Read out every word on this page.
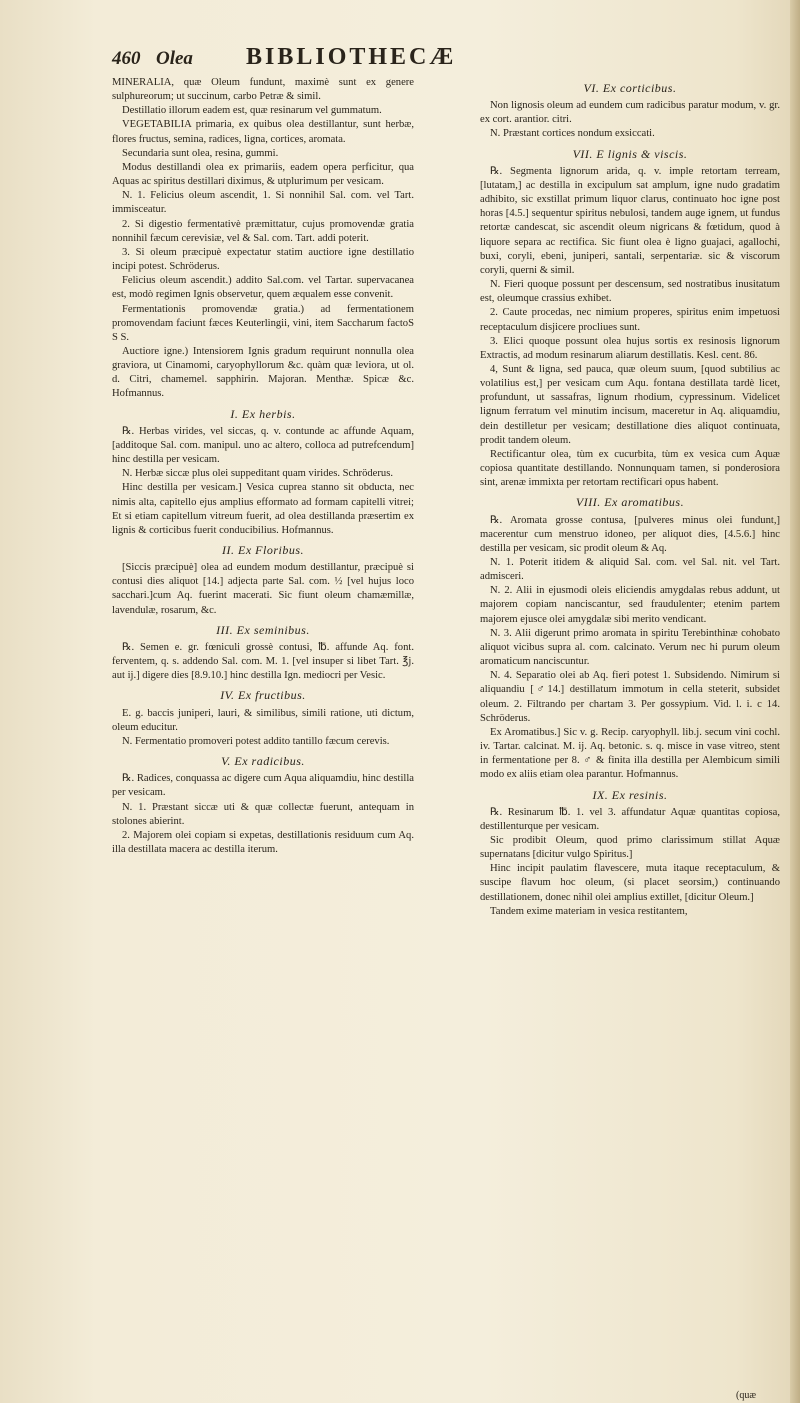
460 Olea	BIBLIOTHECÆ

MINERALIA, quæ Oleum fundunt, maximè sunt ex genere sulphureorum; ut succinum, carbo Petræ & simil.

Destillatio illorum eadem est, quæ resinarum vel gummatum.

VEGETABILIA primaria, ex quibus olea destillantur, sunt herbæ, flores fructus, semina, radices, ligna, cortices, aromata.

Secundaria sunt olea, resina, gummi.

Modus destillandi olea ex primariis, eadem opera perficitur, qua Aquas ac spiritus destillari diximus, & utplurimum per vesicam.

N. 1. Felicius oleum ascendit, 1. Si nonnihil Sal. com. vel Tart. immisceatur.

2. Si digestio fermentativè præmittatur, cujus promovendæ gratia nonnihil fæcum cerevisiæ, vel & Sal. com. Tart. addi poterit.

3. Si oleum præcipuè expectatur statim auctiore igne destillatio incipi potest. Schröderus.

Felicius oleum ascendit.) addito Sal.com. vel Tartar. supervacanea est, modò regimen Ignis observetur, quem æqualem esse convenit.

Fermentationis promovendæ gratia.) ad fermentationem promovendam faciunt fæces Keuterlingii, vini, item Saccharum factoS S S.

Auctiore igne.) Intensiorem Ignis gradum requirunt nonnulla olea graviora, ut Cinamomi, caryophyllorum &c. quàm quæ leviora, ut ol. d. Citri, chamemel. sapphirin. Majoran. Menthæ. Spicæ &c. Hofmannus.

I. Ex herbis.

℞. Herbas virides, vel siccas, q. v. contunde ac affunde Aquam, [additoque Sal. com. manipul. uno ac altero, colloca ad putrefcendum] hinc destilla per vesicam.

N. Herbæ siccæ plus olei suppeditant quam virides. Schröderus.

Hinc destilla per vesicam.] Vesica cuprea stanno sit obducta, nec nimis alta, capitello ejus amplius efformato ad formam capitelli vitrei; Et si etiam capitellum vitreum fuerit, ad olea destillanda præsertim ex lignis & corticibus fuerit conducibilius. Hofmannus.

II. Ex Floribus.

[Siccis præcipuè] olea ad eundem modum destillantur, præcipuè si contusi dies aliquot [14.] adjecta parte Sal. com. ½ [vel hujus loco sacchari.]cum Aq. fuerint macerati. Sic fiunt oleum chamæmillæ, lavendulæ, rosarum, &c.

III. Ex seminibus.

℞. Semen e. gr. fœniculi grossè contusi, ℔. affunde Aq. font. ferventem, q. s. addendo Sal. com. M. 1. [vel insuper si libet Tart. ℥j. aut ij.] digere dies [8.9.10.] hinc destilla Ign. mediocri per Vesic.

IV. Ex fructibus.

E. g. baccis juniperi, lauri, & similibus, simili ratione, uti dictum, oleum educitur.

N. Fermentatio promoveri potest addito tantillo fæcum cerevis.

V. Ex radicibus.

℞. Radices, conquassa ac digere cum Aqua aliquamdiu, hinc destilla per vesicam.

N. 1. Præstant siccæ uti & quæ collectæ fuerunt, antequam in stolones abierint.

2. Majorem olei copiam si expetas, destillationis residuum cum Aq. illa destillata macera ac destilla iterum.

VI. Ex corticibus.

Non lignosis oleum ad eundem cum radicibus paratur modum, v. gr. ex cort. arantior. citri.

N. Præstant cortices nondum exsiccati.

VII. E lignis & viscis.

℞. Segmenta lignorum arida, q. v. imple retortam terream, [lutatam,] ac destilla in excipulum sat amplum, igne nudo gradatim adhibito, sic exstillat primum liquor clarus, continuato hoc igne post horas [4.5.] sequentur spiritus nebulosi, tandem auge ignem, ut fundus retortæ candescat, sic ascendit oleum nigricans & fœtidum, quod à liquore separa ac rectifica. Sic fiunt olea è ligno guajaci, agallochi, buxi, coryli, ebeni, juniperi, santali, serpentariæ. sic & viscorum coryli, querni & simil.

N. Fieri quoque possunt per descensum, sed nostratibus inusitatum est, oleumque crassius exhibet.

2. Caute procedas, nec nimium properes, spiritus enim impetuosi receptaculum disjicere procliues sunt.

3. Elici quoque possunt olea hujus sortis ex resinosis lignorum Extractis, ad modum resinarum aliarum destillatis. Kesl. cent. 86.

4, Sunt & ligna, sed pauca, quæ oleum suum, [quod subtilius ac volatilius est,] per vesicam cum Aqu. fontana destillata tardè licet, profundunt, ut sassafras, lignum rhodium, cypressinum. Videlicet lignum ferratum vel minutim incisum, maceretur in Aq. aliquamdiu, dein destilletur per vesicam; destillatione dies aliquot continuata, prodit tandem oleum.

Rectificantur olea, tùm ex cucurbita, tùm ex vesica cum Aquæ copiosa quantitate destillando. Nonnunquam tamen, si ponderosiora sint, arenæ immixta per retortam rectificari opus habent.

VIII. Ex aromatibus.

℞. Aromata grosse contusa, [pulveres minus olei fundunt,] macerentur cum menstruo idoneo, per aliquot dies, [4.5.6.] hinc destilla per vesicam, sic prodit oleum & Aq.

N. 1. Poterit itidem & aliquid Sal. com. vel Sal. nit. vel Tart. admisceri.

N. 2. Alii in ejusmodi oleis eliciendis amygdalas rebus addunt, ut majorem copiam nanciscantur, sed fraudulenter; etenim partem majorem ejusce olei amygdalæ sibi merito vendicant.

N. 3. Alii digerunt primo aromata in spiritu Terebinthinæ cohobato aliquot vicibus supra al. com. calcinato. Verum nec hi purum oleum aromaticum nanciscuntur.

N. 4. Separatio olei ab Aq. fieri potest 1. Subsidendo. Nimirum si aliquandiu [♂14.] destillatum immotum in cella steterit, subsidet oleum. 2. Filtrando per chartam 3. Per gossypium. Vid. l. i. c 14. Schröderus.

Ex Aromatibus.] Sic v. g. Recip. caryophyll. lib.j. secum vini cochl. iv. Tartar. calcinat. M. ij. Aq. betonic. s. q. misce in vase vitreo, stent in fermentatione per 8. ♂ & finita illa destilla per Alembicum simili modo ex aliis etiam olea parantur. Hofmannus.

IX. Ex resinis.

℞. Resinarum ℔. 1. vel 3. affundatur Aquæ quantitas copiosa, destillenturque per vesicam.

Sic prodibit Oleum, quod primo clarissimum stillat Aquæ supernatans [dicitur vulgo Spiritus.]

Hinc incipit paulatim flavescere, muta itaque receptaculum, & suscipe flavum hoc oleum, (si placet seorsim,) continuando destillationem, donec nihil olei amplius extillet, [dicitur Oleum.]

Tandem exime materiam in vesica restitantem,

(quæ
